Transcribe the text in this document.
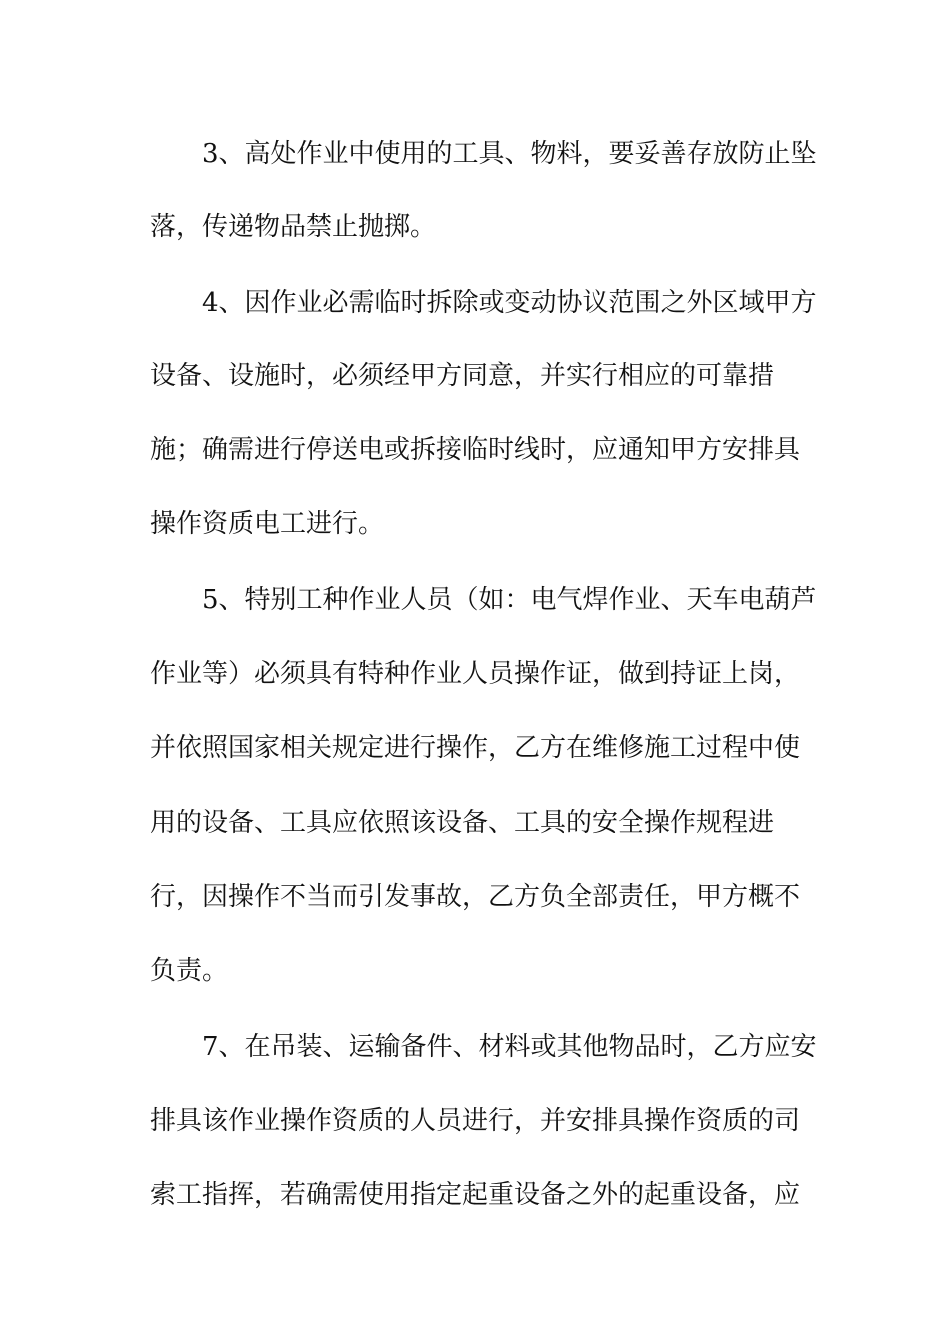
3、高处作业中使用的工具、物料，要妥善存放防止坠
落，传递物品禁止抛掷。
4、因作业必需临时拆除或变动协议范围之外区域甲方
设备、设施时，必须经甲方同意，并实行相应的可靠措
施；确需进行停送电或拆接临时线时，应通知甲方安排具
操作资质电工进行。
5、特别工种作业人员（如：电气焊作业、天车电葫芦
作业等）必须具有特种作业人员操作证，做到持证上岗，
并依照国家相关规定进行操作，乙方在维修施工过程中使
用的设备、工具应依照该设备、工具的安全操作规程进
行，因操作不当而引发事故，乙方负全部责任，甲方概不
负责。
7、在吊装、运输备件、材料或其他物品时，乙方应安
排具该作业操作资质的人员进行，并安排具操作资质的司
索工指挥，若确需使用指定起重设备之外的起重设备，应
